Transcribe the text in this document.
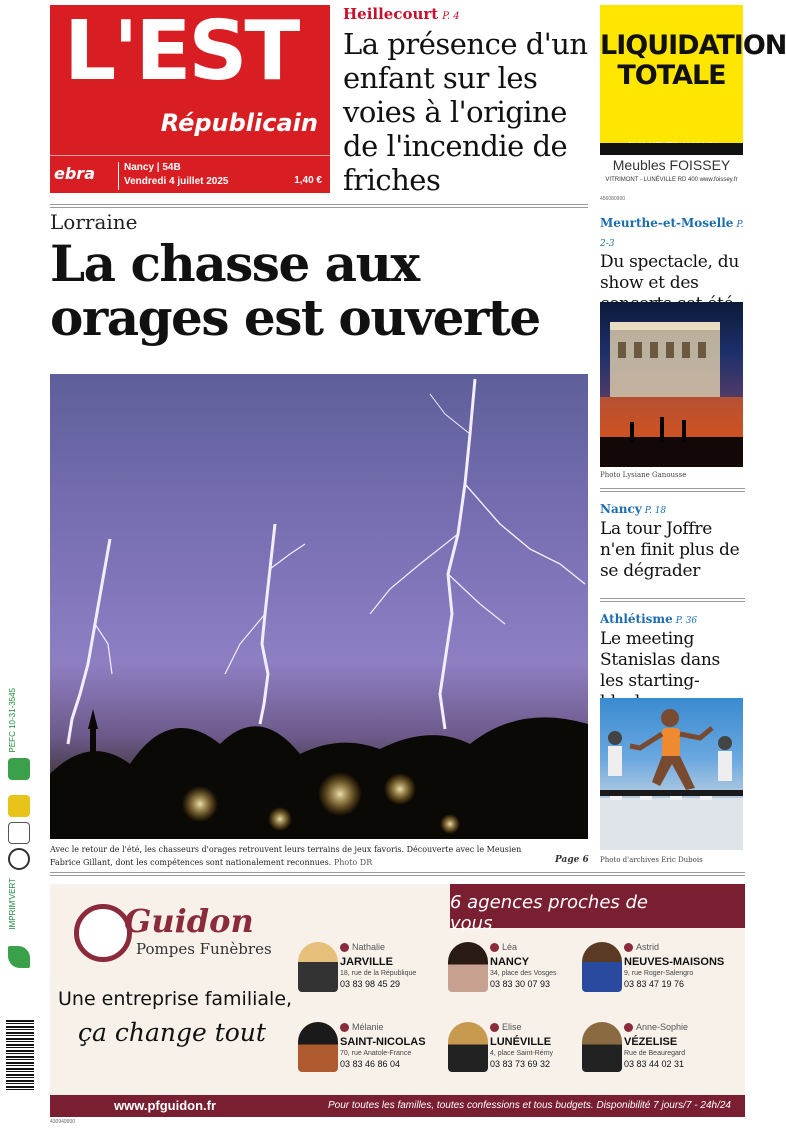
L'EST
Républicain
ebra	Nancy | 54B
Vendredi 4 juillet 2025	1,40 €
Heillecourt P. 4
La présence d'un enfant sur les voies à l'origine de l'incendie de friches
LIQUIDATION TOTALE
Meubles FOISSEY
VITRIMONT - LUNÉVILLE RD 400 www.foissey.fr
456080900
Lorraine
La chasse aux orages est ouverte
Avec le retour de l'été, les chasseurs d'orages retrouvent leurs terrains de jeux favoris. Découverte avec le Meusien Fabrice Gillant, dont les compétences sont nationalement reconnues. Photo DR	Page 6
Meurthe-et-Moselle P. 2-3
Du spectacle, du show et des
Photo Lysiane Ganousse
Nancy P. 18
La tour Joffre n'en finit plus de se dégrader
Athlétisme P. 36
Le meeting Stanislas dans les starting-
Photo d'archives Eric Dubois
PEFC 10-31-3545
IMPRIM'VERT	6 agences proches de vous
Guidon
Pompes Funèbres
Une entreprise familiale,
ça change tout
Nathalie
JARVILLE
18, rue de la République
03 83 98 45 29
Léa
NANCY
34, place des Vosges
03 83 30 07 93
Astrid
NEUVES-MAISONS
9, rue Roger-Salengro
03 83 47 19 76
Mélanie
SAINT-NICOLAS
70, rue Anatole-France
03 83 46 86 04
Elise
LUNÉVILLE
4, place Saint-Rémy
03 83 73 69 32
Anne-Sophie
VÉZELISE
Rue de Beauregard
03 83 44 02 31
www.pfguidon.fr	Pour toutes les familles, toutes confessions et tous budgets. Disponibilité 7 jours/7 - 24h/24
430949900
